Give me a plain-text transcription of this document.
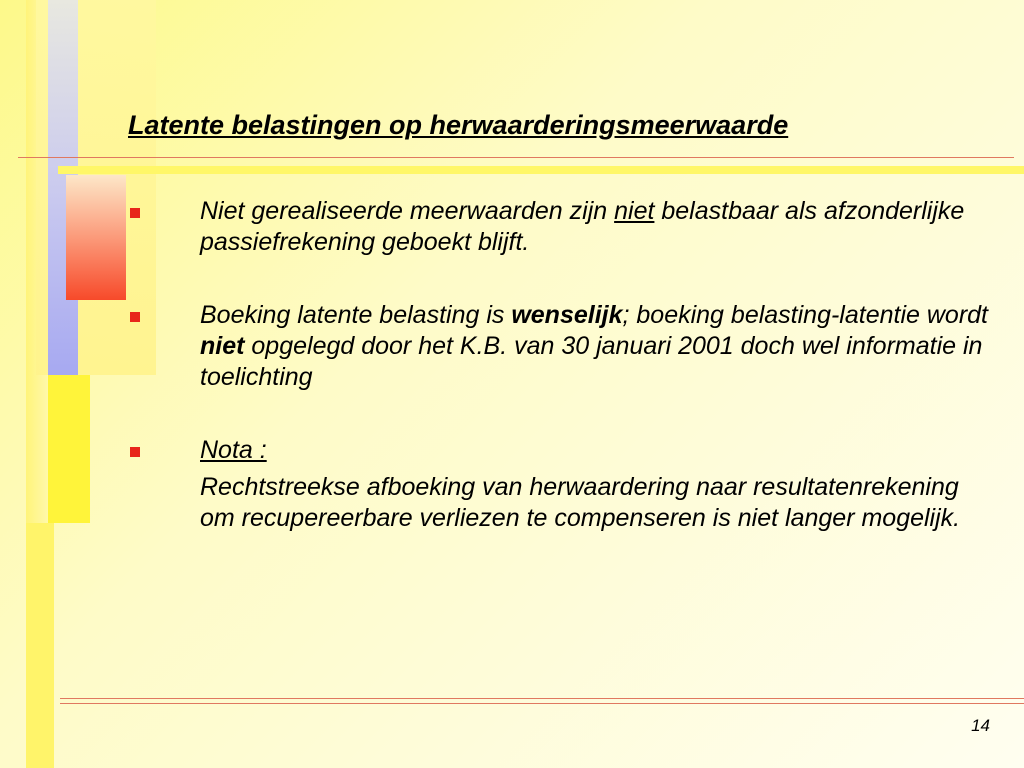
Latente belastingen op herwaarderingsmeerwaarde
Niet gerealiseerde meerwaarden zijn niet belastbaar als afzonderlijke passiefrekening geboekt blijft.
Boeking latente belasting is wenselijk; boeking belasting-latentie wordt niet opgelegd door het K.B. van 30 januari 2001 doch wel informatie in toelichting
Nota :
Rechtstreekse afboeking van herwaardering naar resultatenrekening om recupereerbare verliezen te compenseren is niet langer mogelijk.
14
